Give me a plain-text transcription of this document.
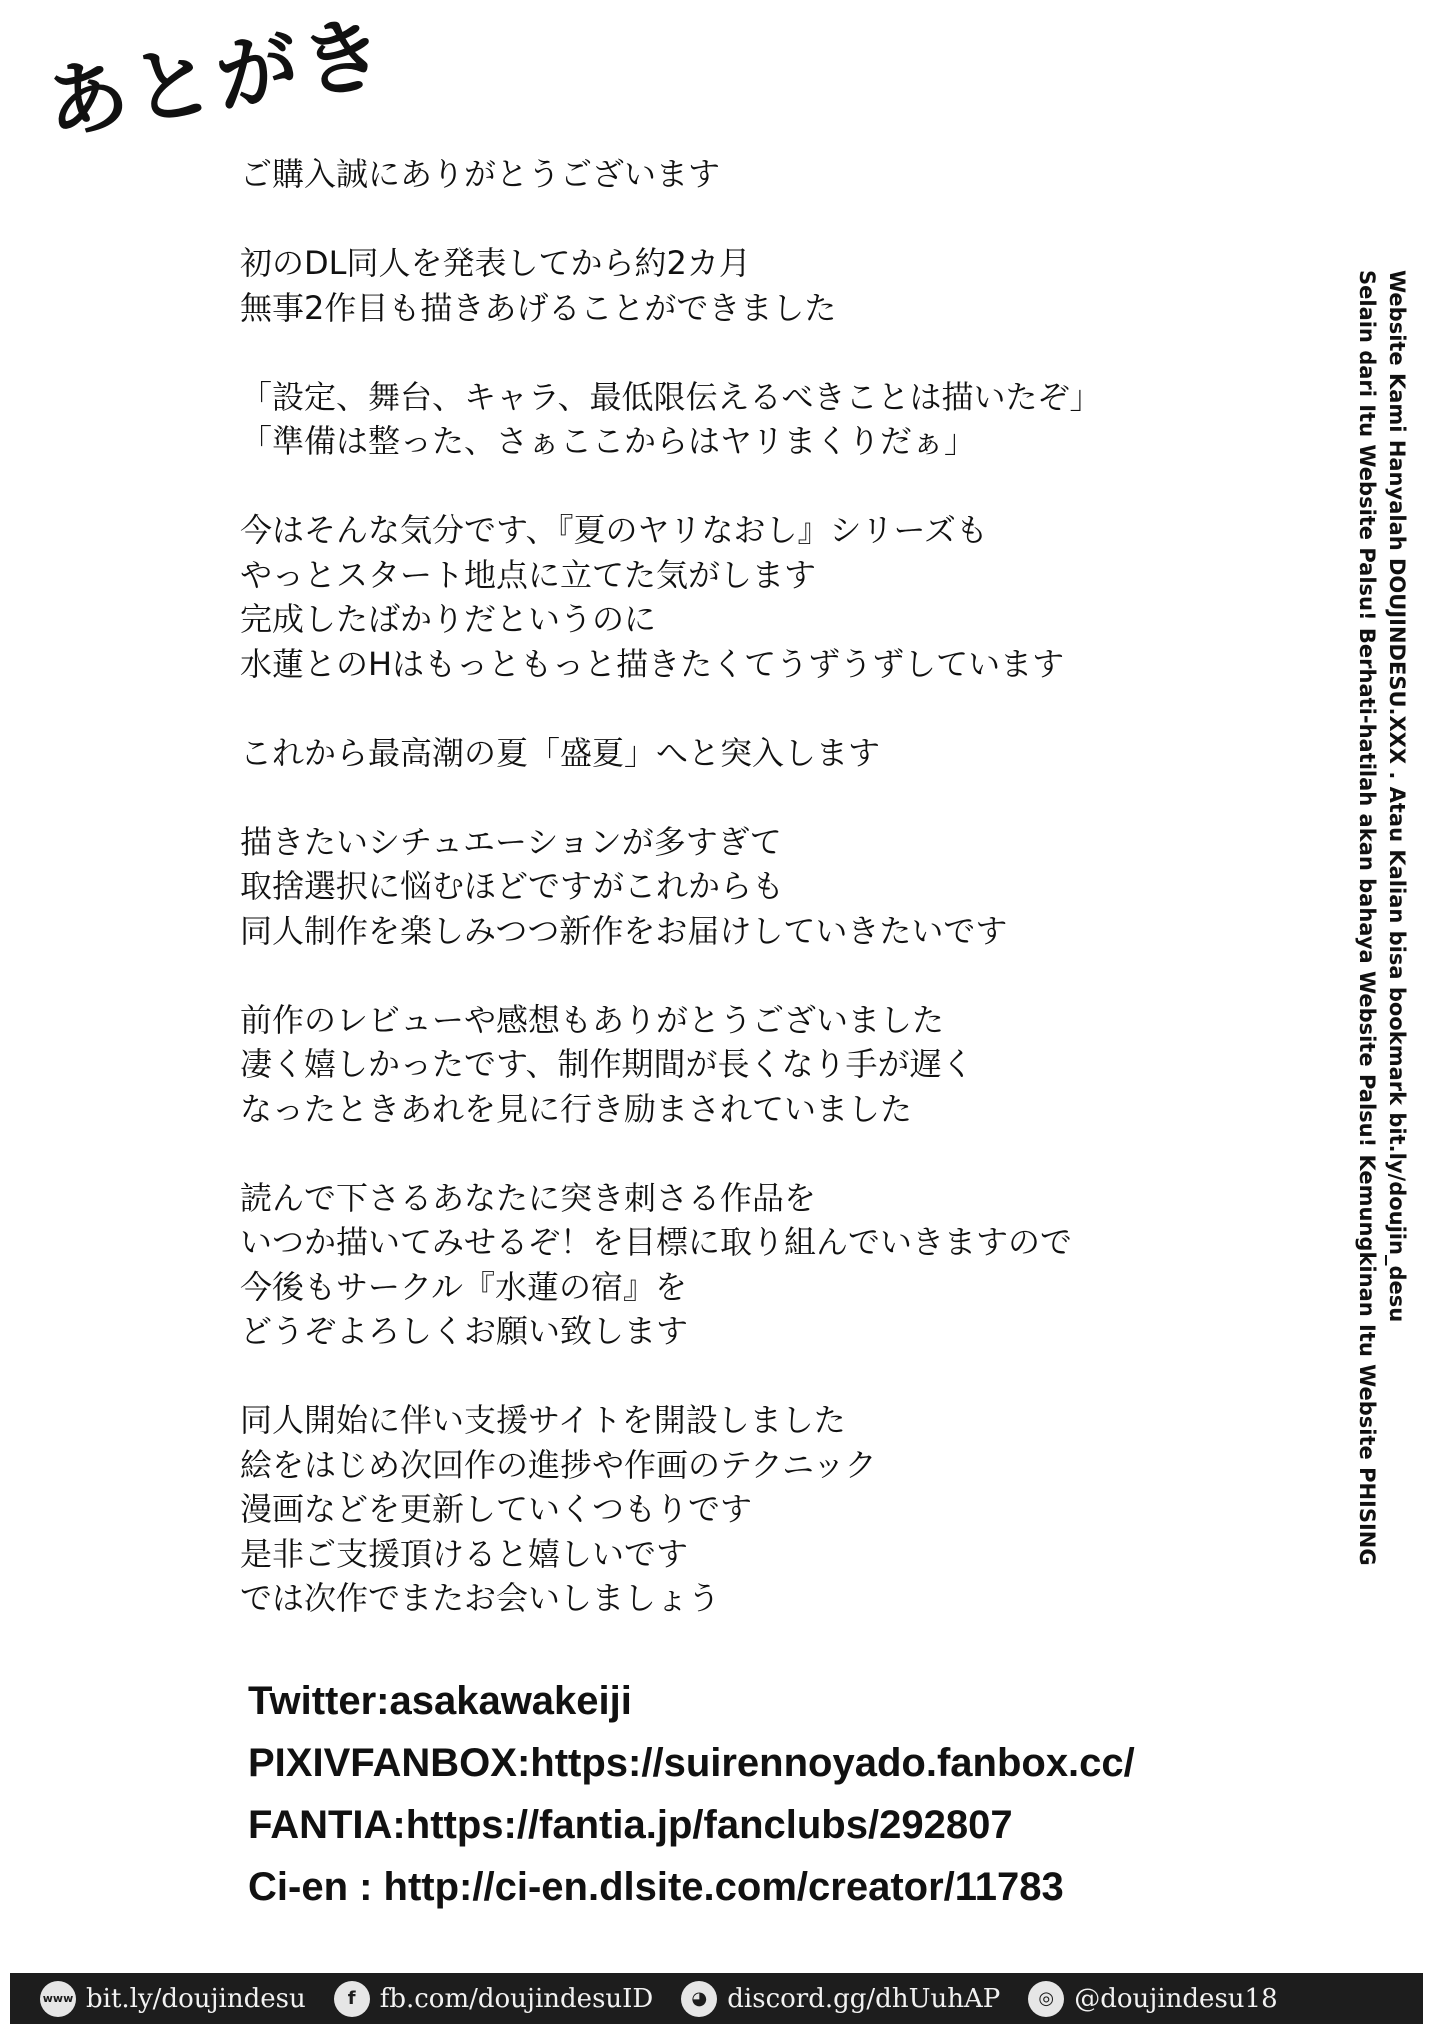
あとがき
ご購入誠にありがとうございます
初のDL同人を発表してから約2カ月
無事2作目も描きあげることができました
「設定、舞台、キャラ、最低限伝えるべきことは描いたぞ」
「準備は整った、さぁここからはヤリまくりだぁ」
今はそんな気分です、『夏のヤリなおし』シリーズも
やっとスタート地点に立てた気がします
完成したばかりだというのに
水蓮とのHはもっともっと描きたくてうずうずしています
これから最高潮の夏「盛夏」へと突入します
描きたいシチュエーションが多すぎて
取捨選択に悩むほどですがこれからも
同人制作を楽しみつつ新作をお届けしていきたいです
前作のレビューや感想もありがとうございました
凄く嬉しかったです、制作期間が長くなり手が遅く
なったときあれを見に行き励まされていました
読んで下さるあなたに突き刺さる作品を
いつか描いてみせるぞ！を目標に取り組んでいきますので
今後もサークル『水蓮の宿』を
どうぞよろしくお願い致します
同人開始に伴い支援サイトを開設しました
絵をはじめ次回作の進捗や作画のテクニック
漫画などを更新していくつもりです
是非ご支援頂けると嬉しいです
では次作でまたお会いしましょう
Twitter:asakawakeiji
PIXIVFANBOX:https://suirennoyado.fanbox.cc/
FANTIA:https://fantia.jp/fanclubs/292807
Ci-en : http://ci-en.dlsite.com/creator/11783
Website Kami Hanyalah DOUJINDESU.XXX . Atau Kalian bisa bookmark bit.ly/doujin_desu
Selain dari Itu Website Palsu! Berhati-hatilah akan bahaya Website Palsu! Kemungkinan Itu Website PHISING
www bit.ly/doujindesu	f fb.com/doujindesuID	◕ discord.gg/dhUuhAP	◎ @doujindesu18
